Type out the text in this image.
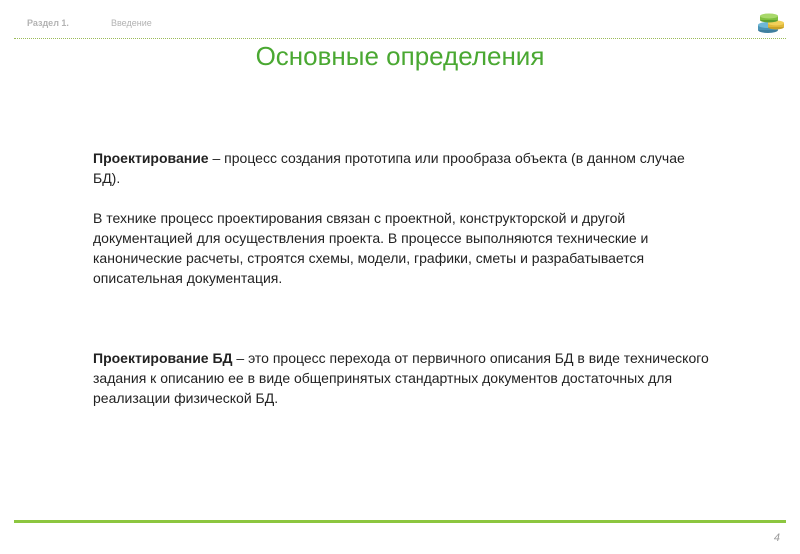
Раздел 1.	Введение
Основные определения
Проектирование – процесс создания прототипа или прообраза объекта (в данном случае БД).
В технике процесс проектирования связан с проектной, конструкторской и другой документацией для осуществления проекта. В процессе выполняются технические и канонические расчеты, строятся схемы, модели, графики, сметы и разрабатывается описательная документация.
Проектирование БД – это процесс перехода от первичного описания БД в виде технического задания к описанию ее в виде общепринятых стандартных документов достаточных для реализации физической БД.
4
